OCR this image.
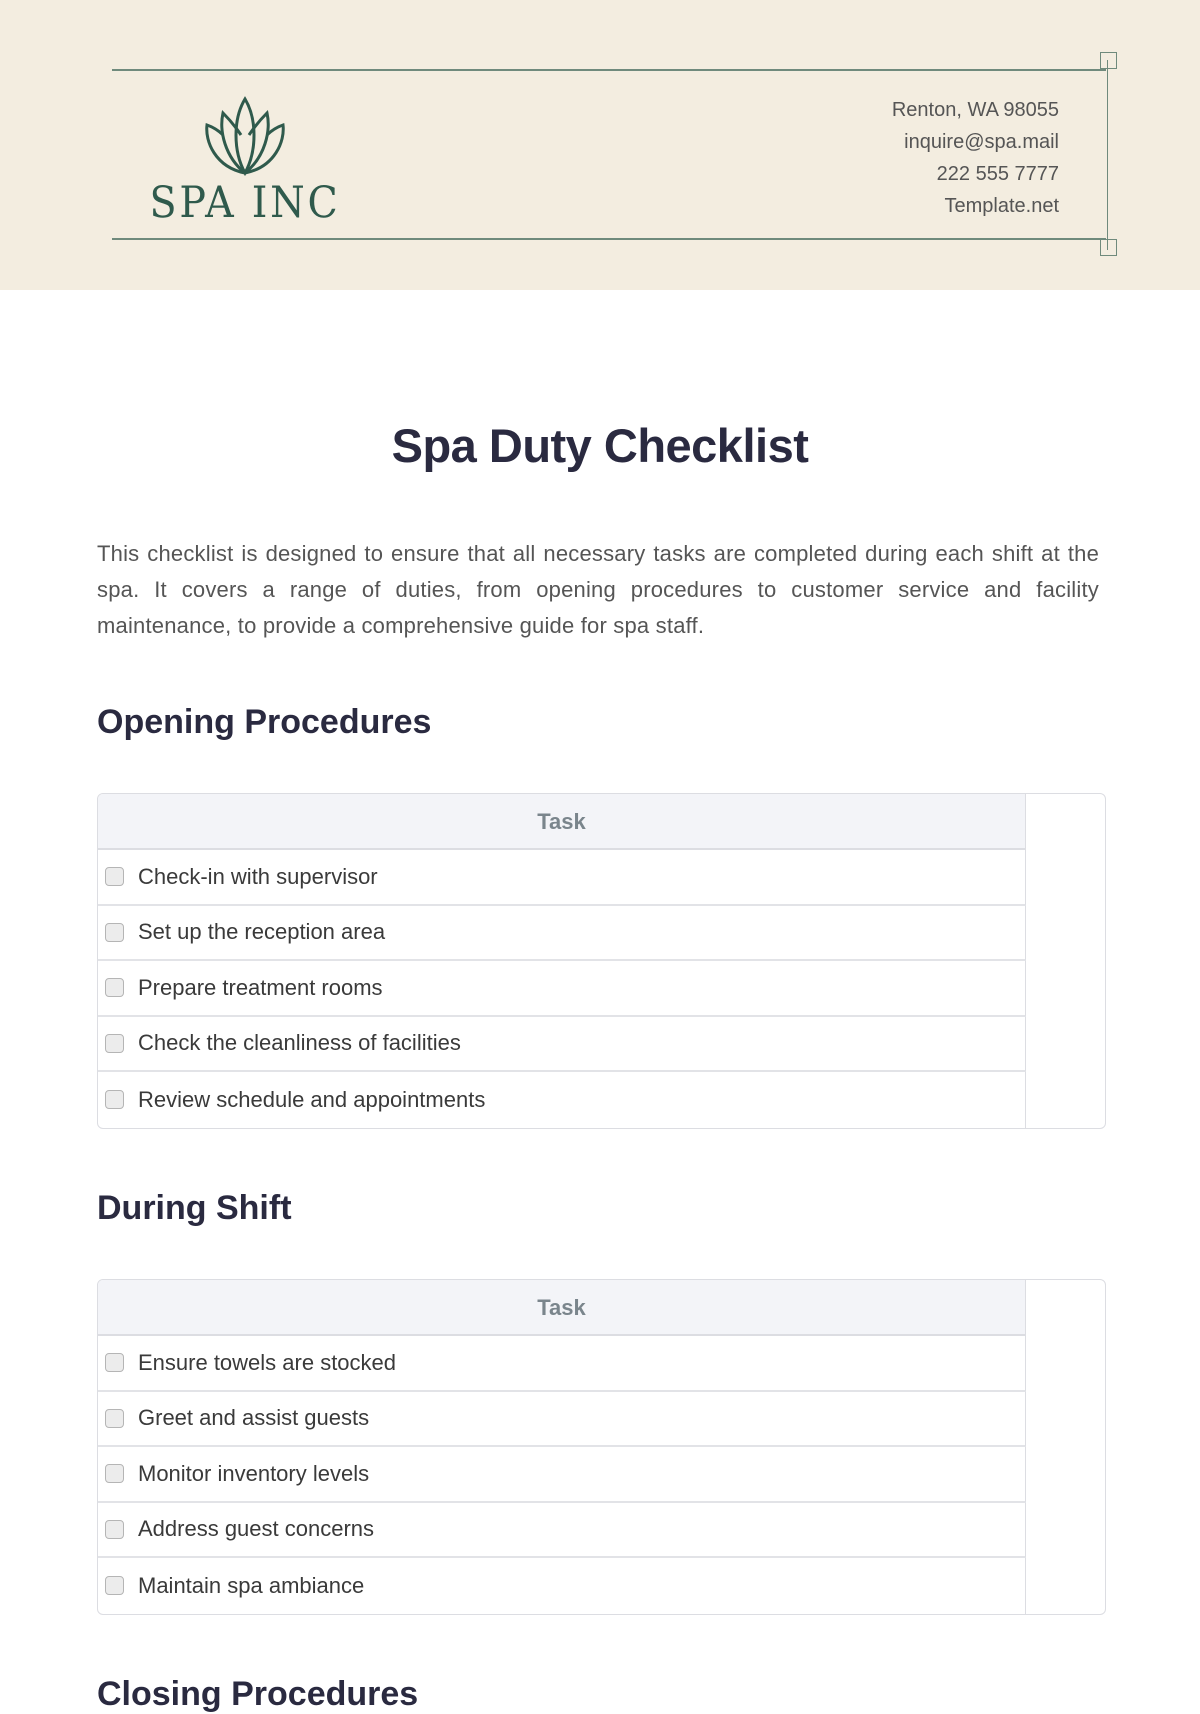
SPA INC
Renton, WA 98055
inquire@spa.mail
222 555 7777
Template.net
Spa Duty Checklist

This checklist is designed to ensure that all necessary tasks are completed during each shift at the spa. It covers a range of duties, from opening procedures to customer service and facility maintenance, to provide a comprehensive guide for spa staff.

Opening Procedures
Task
Check-in with supervisor
Set up the reception area
Prepare treatment rooms
Check the cleanliness of facilities
Review schedule and appointments
During Shift
Task
Ensure towels are stocked
Greet and assist guests
Monitor inventory levels
Address guest concerns
Maintain spa ambiance
Closing Procedures
